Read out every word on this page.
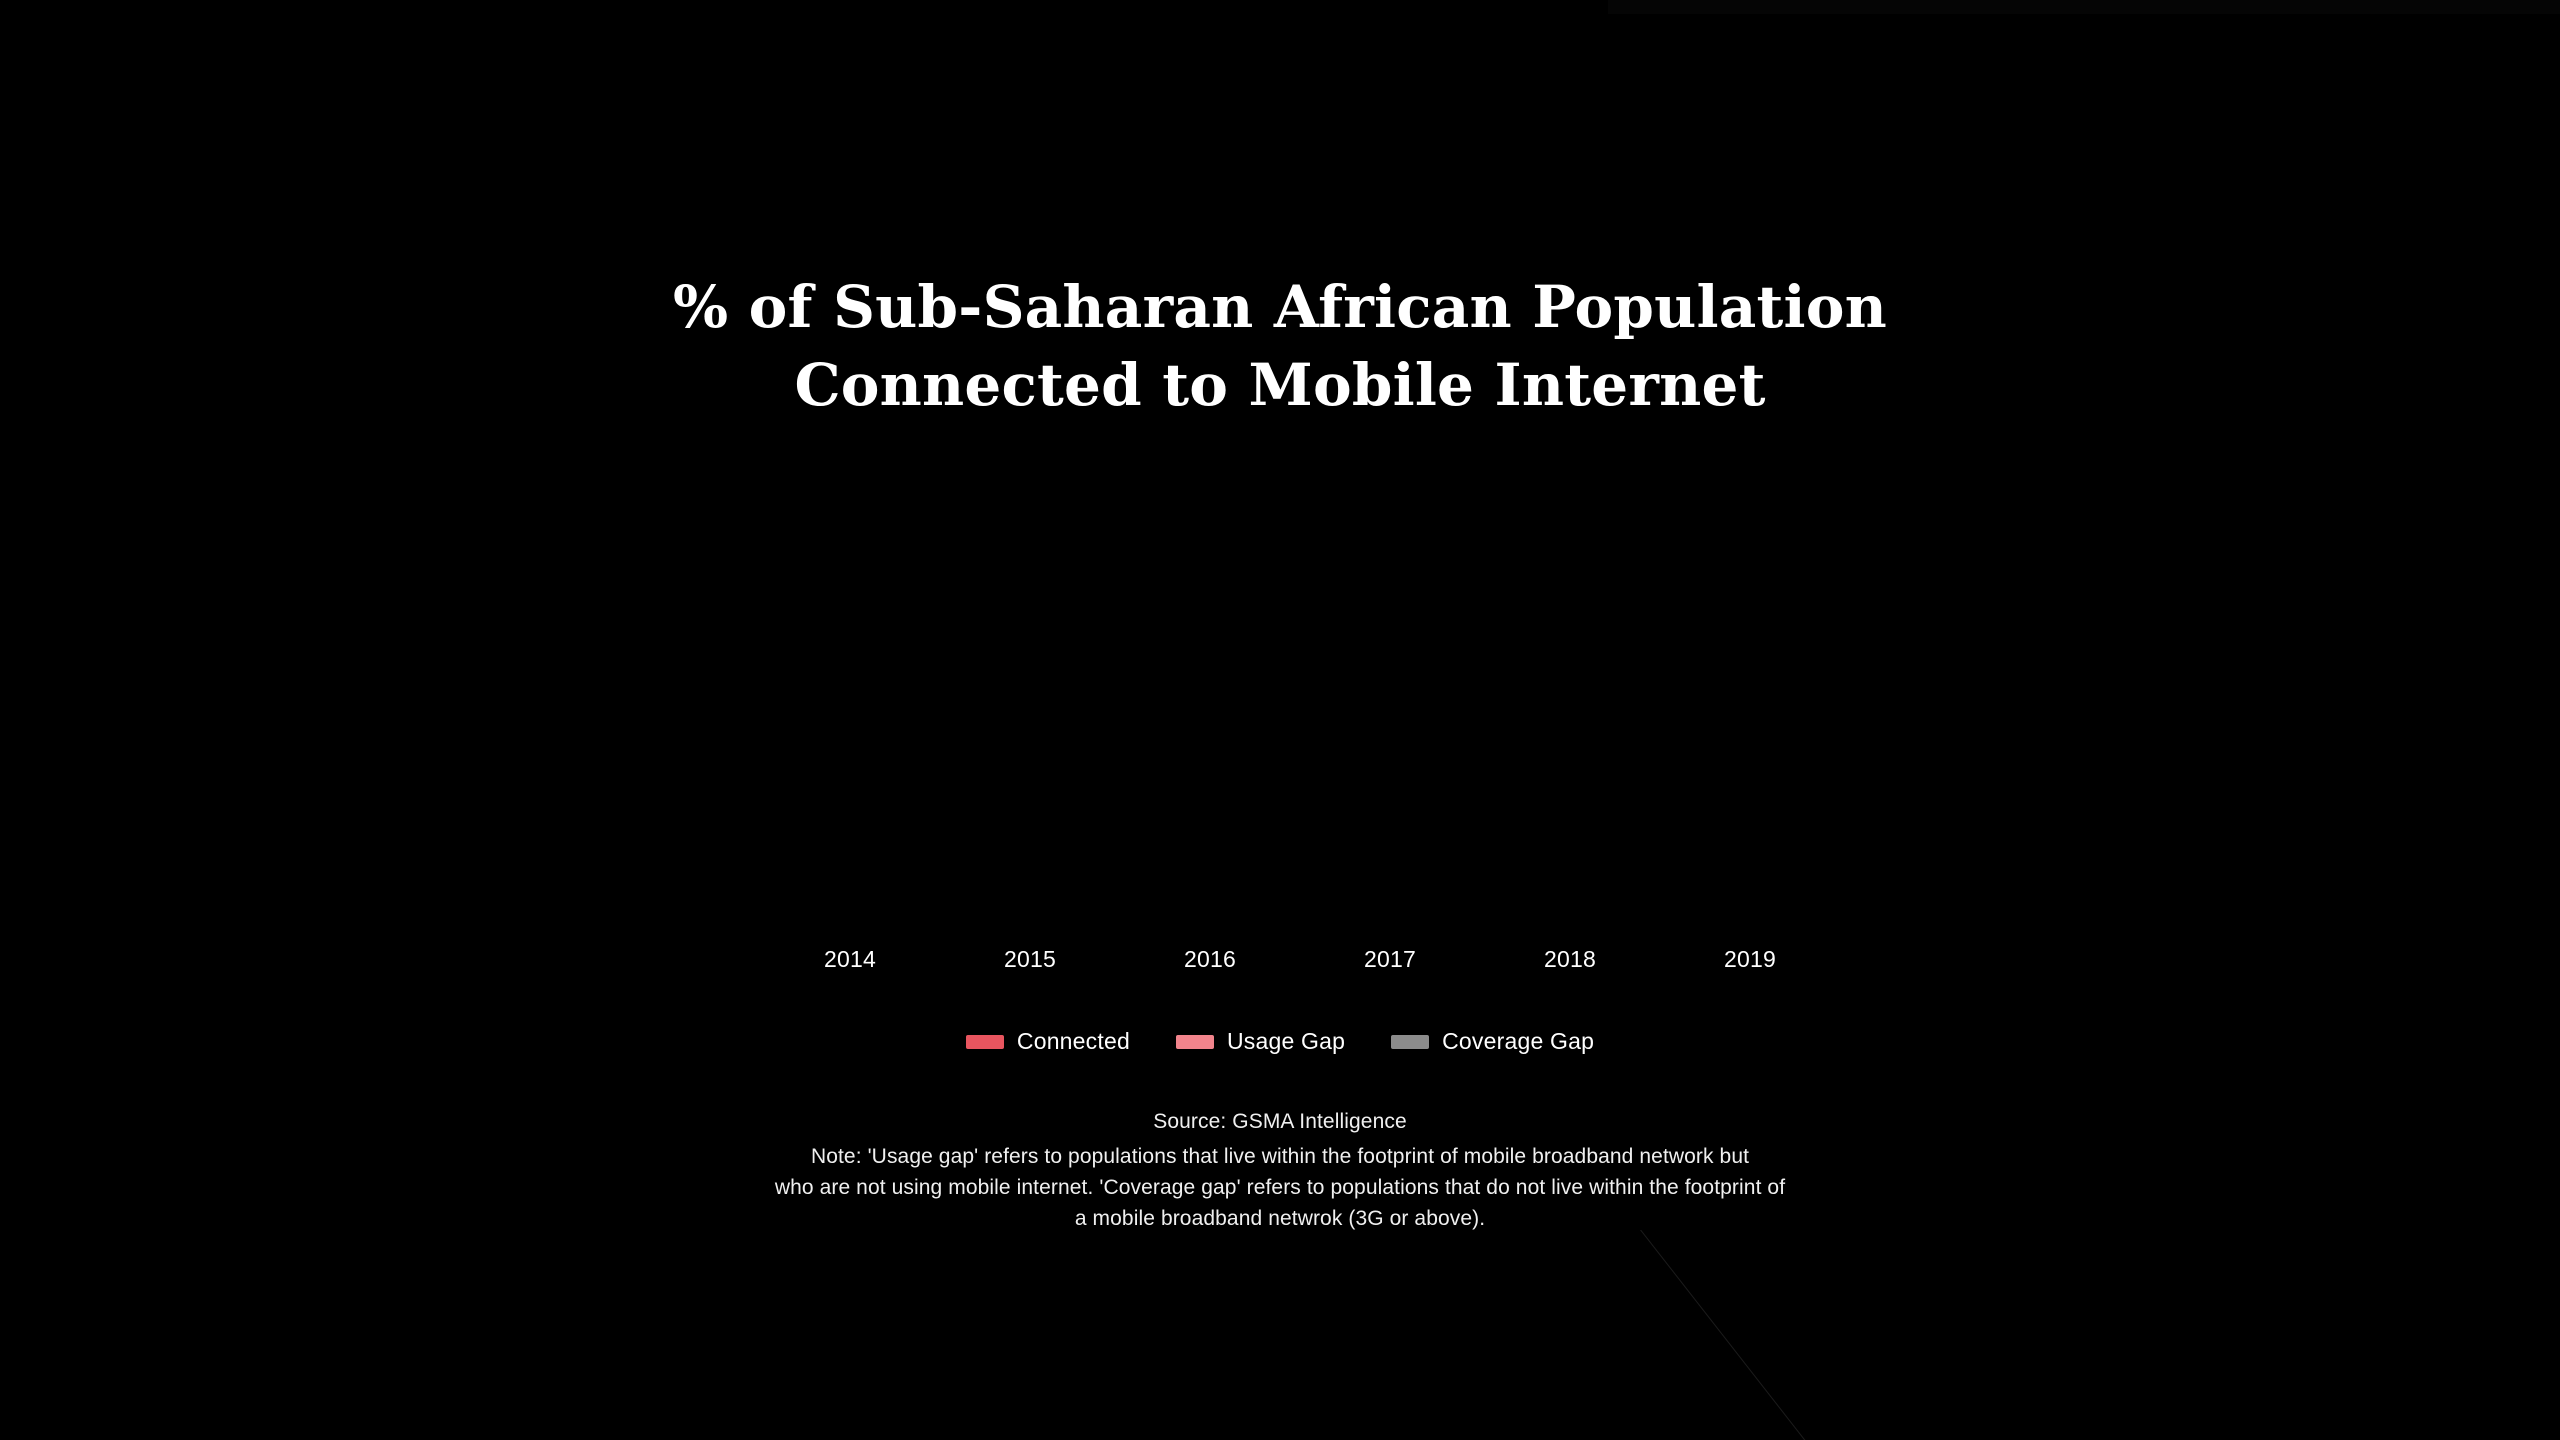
% of Sub-Saharan African Population
Connected to Mobile Internet
2014	2015	2016	2017	2018	2019
Connected	Usage Gap	Coverage Gap
Source: GSMA Intelligence
Note: 'Usage gap' refers to populations that live within the footprint of mobile broadband network but
who are not using mobile internet. 'Coverage gap' refers to populations that do not live within the footprint of
a mobile broadband netwrok (3G or above).
